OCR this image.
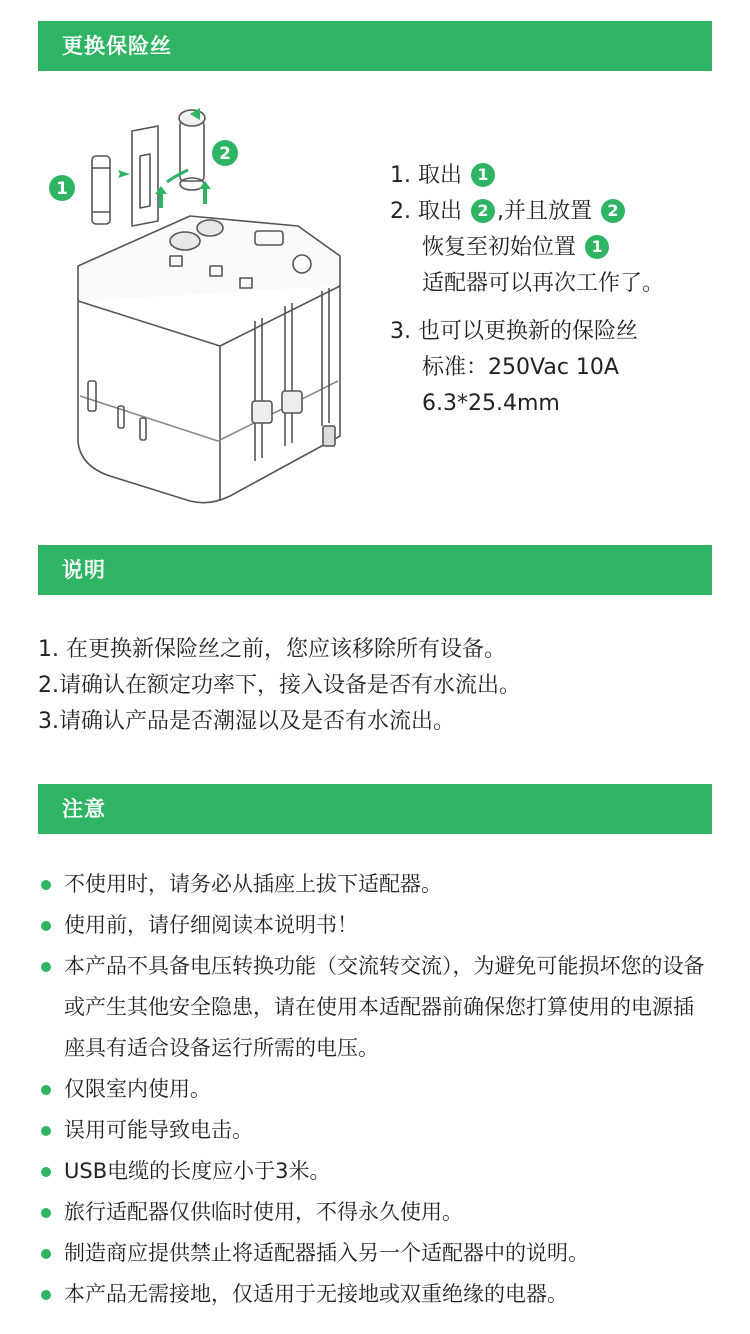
更换保险丝
1
2
1. 取出 1
2. 取出 2 ,并且放置 2
恢复至初始位置 1
适配器可以再次工作了。
3. 也可以更换新的保险丝
标准：250Vac 10A
6.3*25.4mm
说明
1. 在更换新保险丝之前，您应该移除所有设备。
2.请确认在额定功率下，接入设备是否有水流出。
3.请确认产品是否潮湿以及是否有水流出。
注意
不使用时，请务必从插座上拔下适配器。
使用前，请仔细阅读本说明书！
本产品不具备电压转换功能（交流转交流），为避免可能损坏您的设备或产生其他安全隐患，请在使用本适配器前确保您打算使用的电源插座具有适合设备运行所需的电压。
仅限室内使用。
误用可能导致电击。
USB电缆的长度应小于3米。
旅行适配器仅供临时使用，不得永久使用。
制造商应提供禁止将适配器插入另一个适配器中的说明。
本产品无需接地，仅适用于无接地或双重绝缘的电器。
